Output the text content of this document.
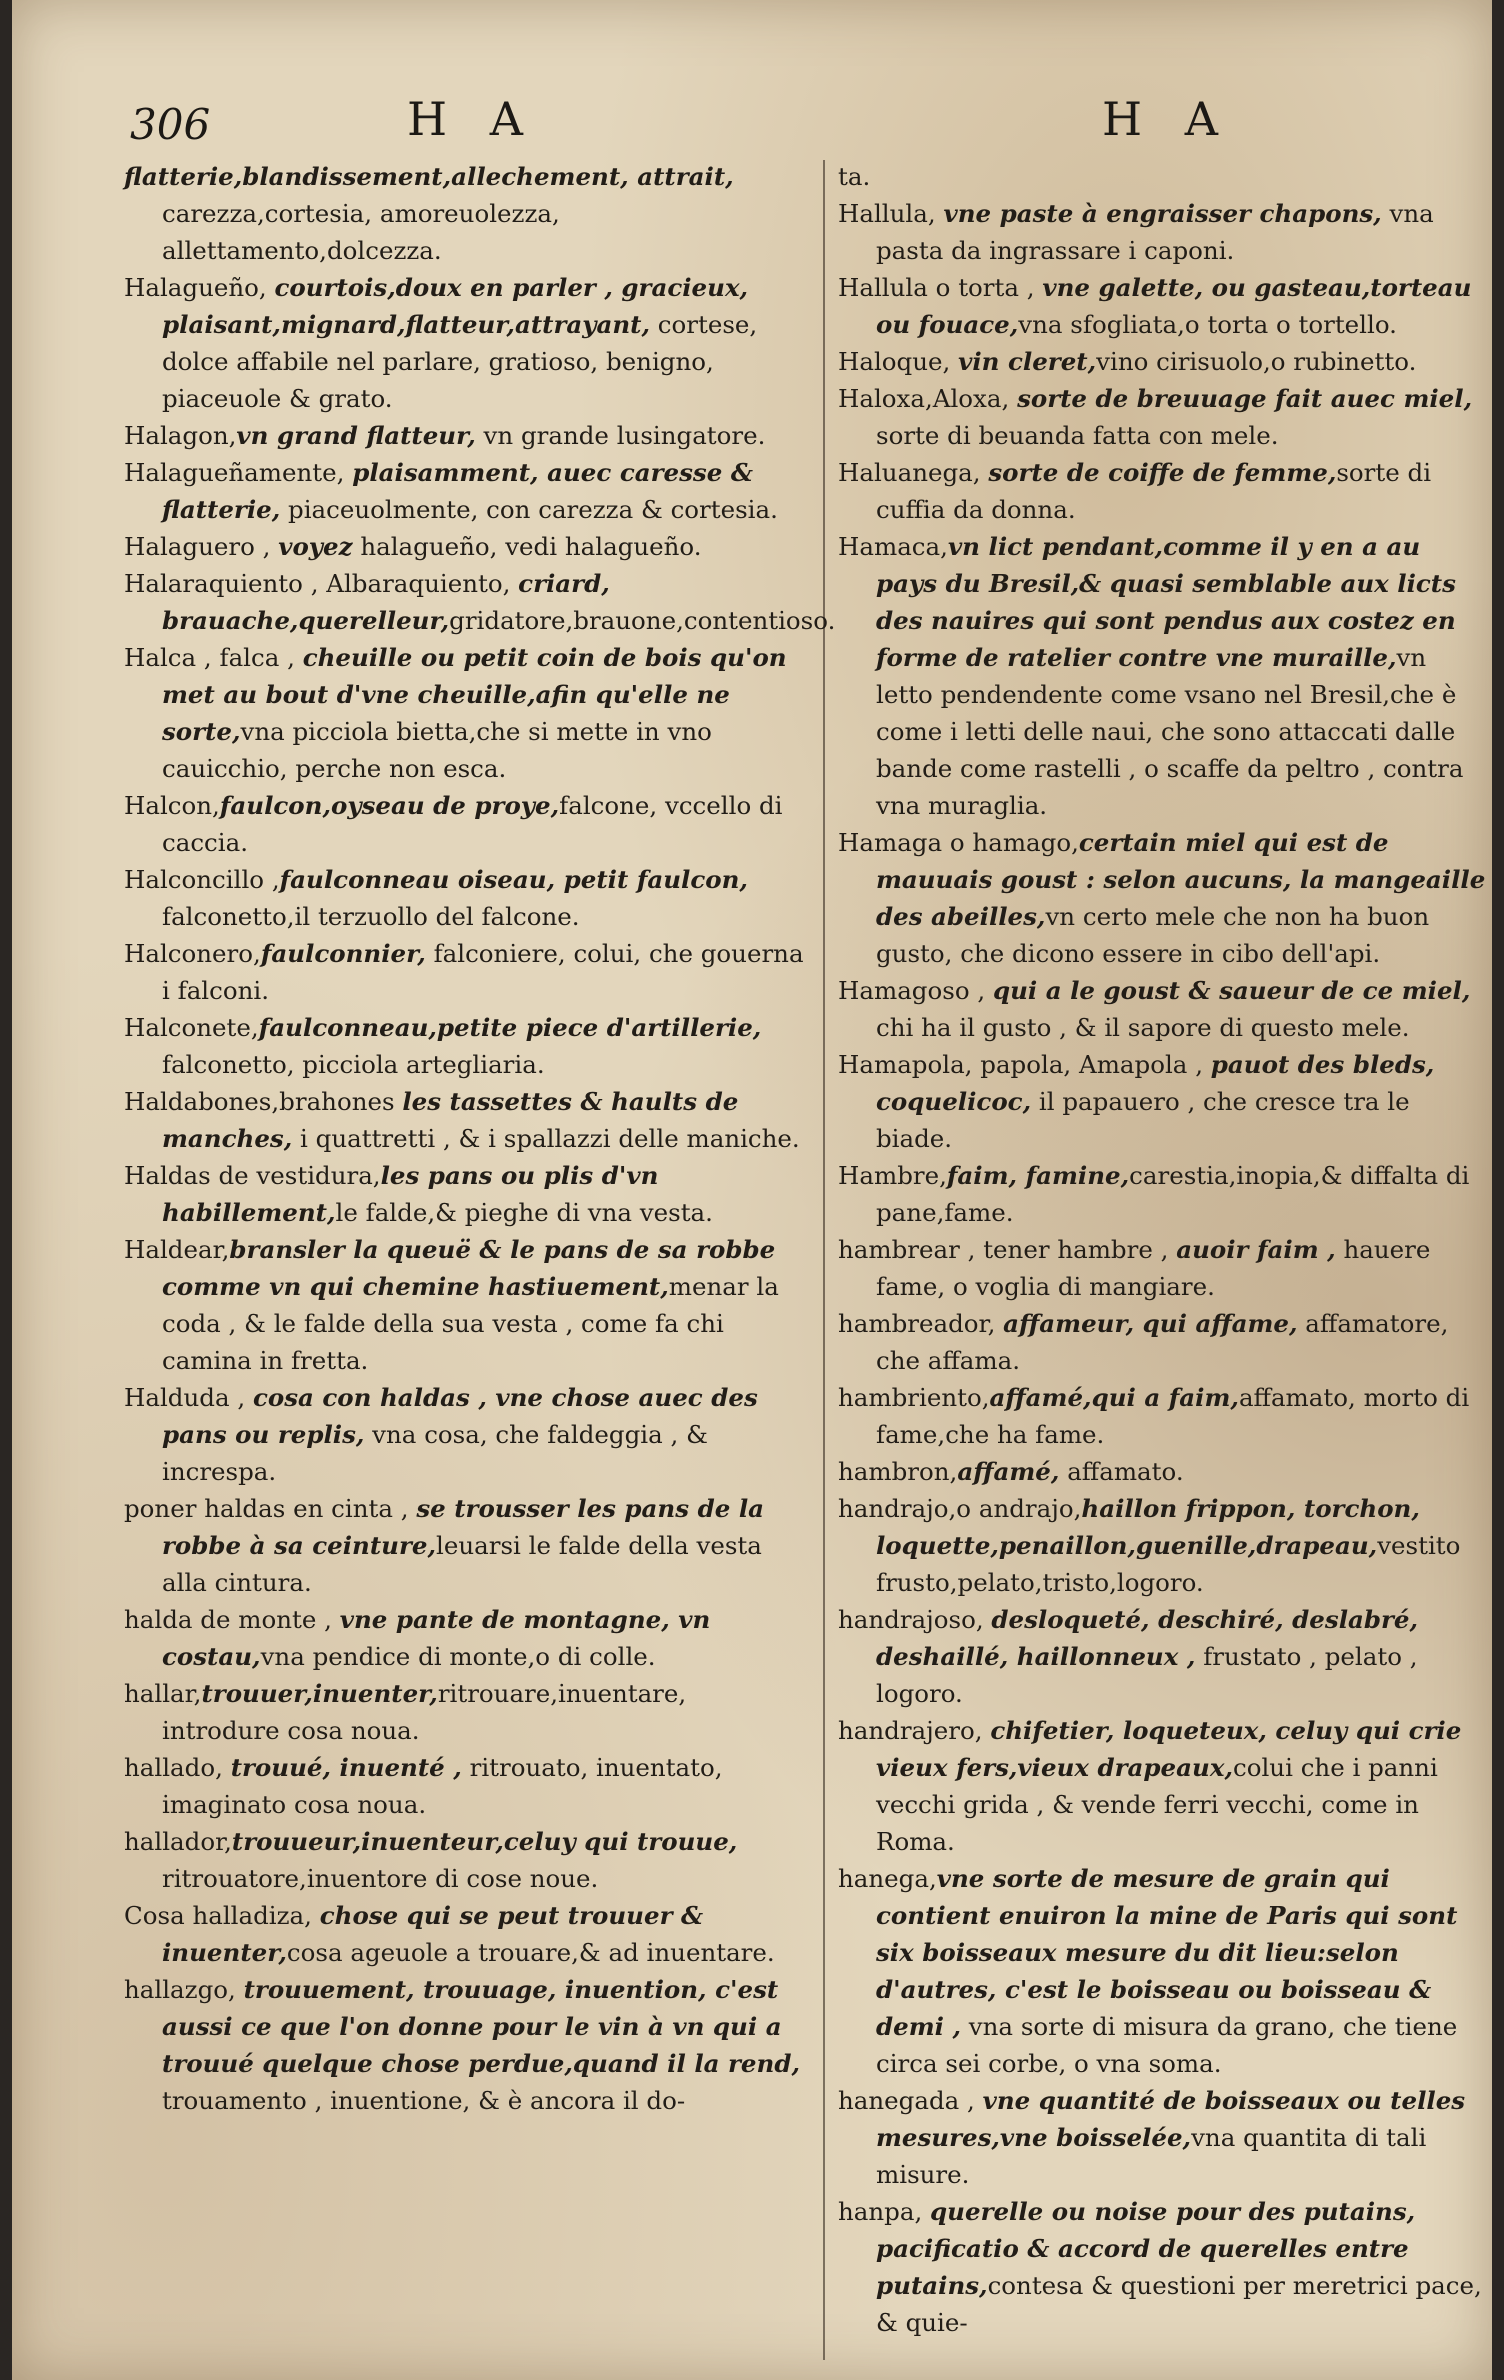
306	H A	H A

flatterie,blandissement,allechement, attrait, carezza,cortesia, amoreuolezza, allettamento,dolcezza.

Halagueño, courtois,doux en parler , gracieux, plaisant,mignard,flatteur,attrayant, cortese, dolce affabile nel parlare, gratioso, benigno, piaceuole & grato.

Halagon,vn grand flatteur, vn grande lusingatore.

Halagueñamente, plaisamment, auec caresse & flatterie, piaceuolmente, con carezza & cortesia.

Halaguero , voyez halagueño, vedi halagueño.

Halaraquiento , Albaraquiento, criard, brauache,querelleur,gridatore,brauone,contentioso.

Halca , falca , cheuille ou petit coin de bois qu'on met au bout d'vne cheuille,afin qu'elle ne sorte,vna picciola bietta,che si mette in vno cauicchio, perche non esca.

Halcon,faulcon,oyseau de proye,falcone, vccello di caccia.

Halconcillo ,faulconneau oiseau, petit faulcon, falconetto,il terzuollo del falcone.

Halconero,faulconnier, falconiere, colui, che gouerna i falconi.

Halconete,faulconneau,petite piece d'artillerie, falconetto, picciola artegliaria.

Haldabones,brahones les tassettes & haults de manches, i quattretti , & i spallazzi delle maniche.

Haldas de vestidura,les pans ou plis d'vn habillement,le falde,& pieghe di vna vesta.

Haldear,bransler la queuë & le pans de sa robbe comme vn qui chemine hastiuement,menar la coda , & le falde della sua vesta , come fa chi camina in fretta.

Halduda , cosa con haldas , vne chose auec des pans ou replis, vna cosa, che faldeggia , & increspa.

poner haldas en cinta , se trousser les pans de la robbe à sa ceinture,leuarsi le falde della vesta alla cintura.

halda de monte , vne pante de montagne, vn costau,vna pendice di monte,o di colle.

hallar,trouuer,inuenter,ritrouare,inuentare, introdure cosa noua.

hallado, trouué, inuenté , ritrouato, inuentato, imaginato cosa noua.

hallador,trouueur,inuenteur,celuy qui trouue, ritrouatore,inuentore di cose noue.

Cosa halladiza, chose qui se peut trouuer & inuenter,cosa ageuole a trouare,& ad inuentare.

hallazgo, trouuement, trouuage, inuention, c'est aussi ce que l'on donne pour le vin à vn qui a trouué quelque chose perdue,quand il la rend, trouamento , inuentione, & è ancora il do-

ta.

Hallula, vne paste à engraisser chapons, vna pasta da ingrassare i caponi.

Hallula o torta , vne galette, ou gasteau,torteau ou fouace,vna sfogliata,o torta o tortello.

Haloque, vin cleret,vino cirisuolo,o rubinetto.

Haloxa,Aloxa, sorte de breuuage fait auec miel, sorte di beuanda fatta con mele.

Haluanega, sorte de coiffe de femme,sorte di cuffia da donna.

Hamaca,vn lict pendant,comme il y en a au pays du Bresil,& quasi semblable aux licts des nauires qui sont pendus aux costez en forme de ratelier contre vne muraille,vn letto pendendente come vsano nel Bresil,che è come i letti delle naui, che sono attaccati dalle bande come rastelli , o scaffe da peltro , contra vna muraglia.

Hamaga o hamago,certain miel qui est de mauuais goust : selon aucuns, la mangeaille des abeilles,vn certo mele che non ha buon gusto, che dicono essere in cibo dell'api.

Hamagoso , qui a le goust & saueur de ce miel, chi ha il gusto , & il sapore di questo mele.

Hamapola, papola, Amapola , pauot des bleds, coquelicoc, il papauero , che cresce tra le biade.

Hambre,faim, famine,carestia,inopia,& diffalta di pane,fame.

hambrear , tener hambre , auoir faim , hauere fame, o voglia di mangiare.

hambreador, affameur, qui affame, affamatore, che affama.

hambriento,affamé,qui a faim,affamato, morto di fame,che ha fame.

hambron,affamé, affamato.

handrajo,o andrajo,haillon frippon, torchon, loquette,penaillon,guenille,drapeau,vestito frusto,pelato,tristo,logoro.

handrajoso, desloqueté, deschiré, deslabré, deshaillé, haillonneux , frustato , pelato , logoro.

handrajero, chifetier, loqueteux, celuy qui crie vieux fers,vieux drapeaux,colui che i panni vecchi grida , & vende ferri vecchi, come in Roma.

hanega,vne sorte de mesure de grain qui contient enuiron la mine de Paris qui sont six boisseaux mesure du dit lieu:selon d'autres, c'est le boisseau ou boisseau & demi , vna sorte di misura da grano, che tiene circa sei corbe, o vna soma.

hanegada , vne quantité de boisseaux ou telles mesures,vne boisselée,vna quantita di tali misure.

hanpa, querelle ou noise pour des putains, pacificatio & accord de querelles entre putains,contesa & questioni per meretrici pace, & quie-
